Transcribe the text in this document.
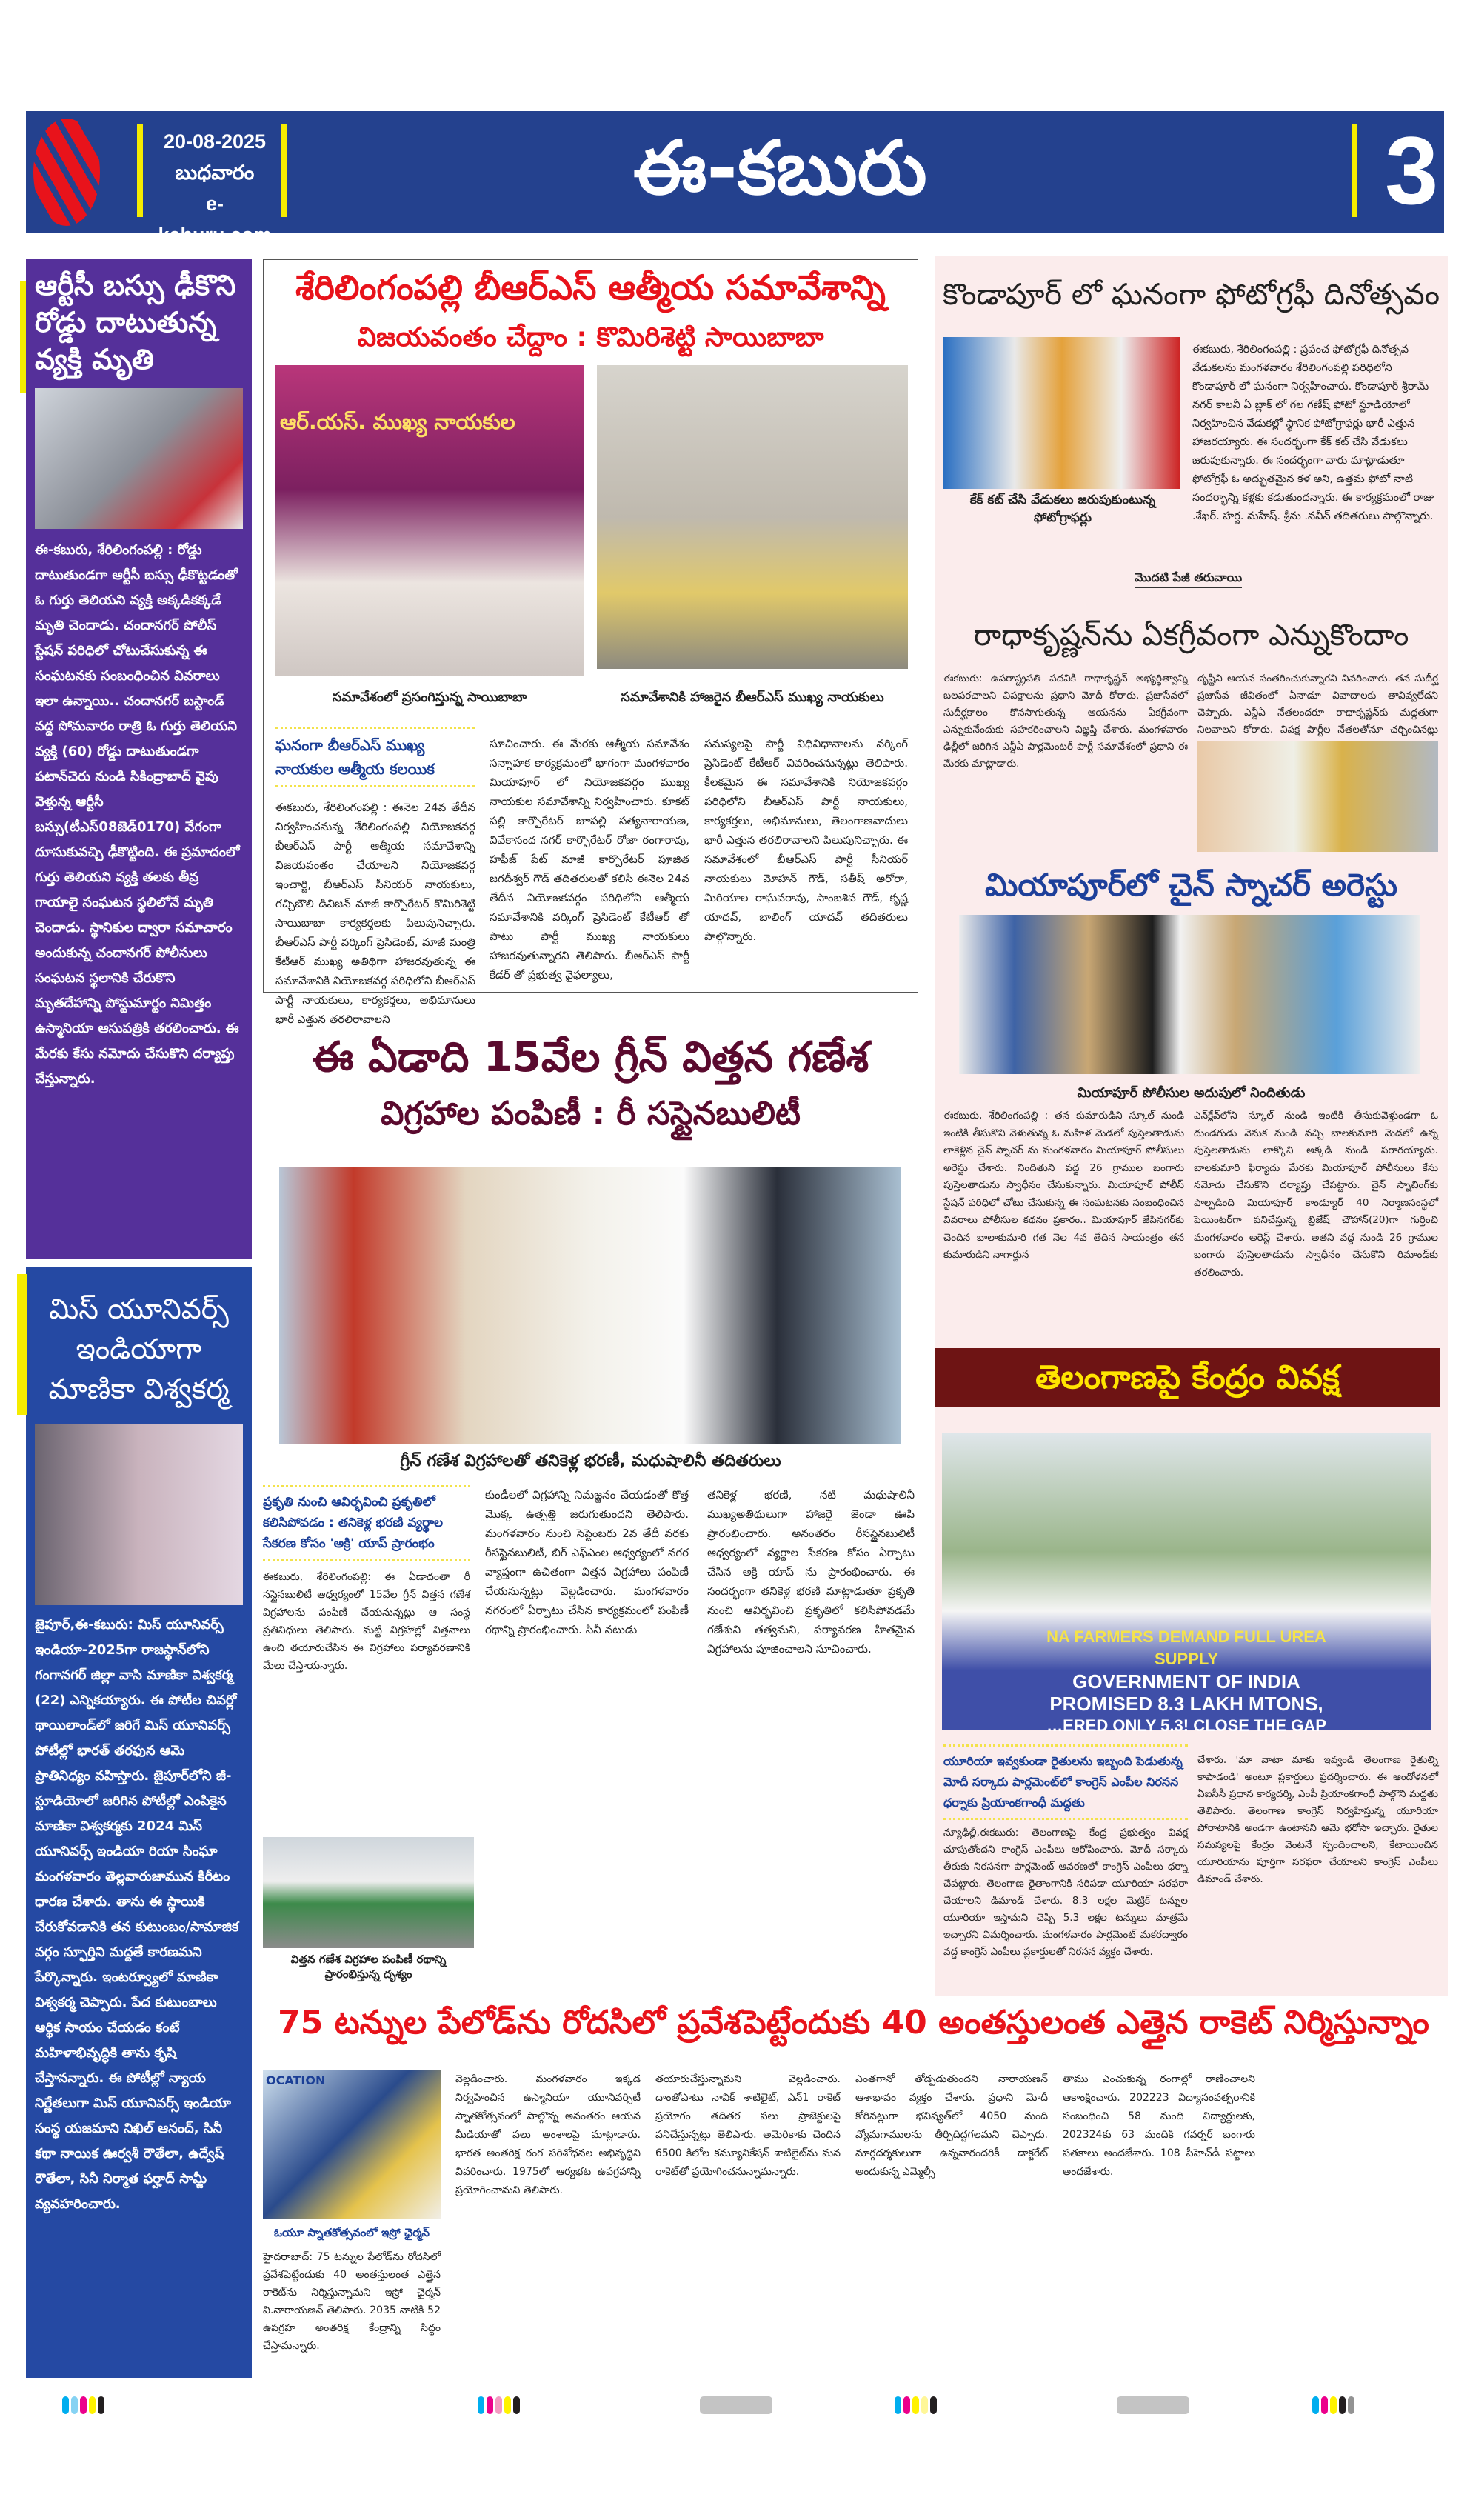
20-08-2025
బుధవారం
e-kaburu.com
ఈ-కబురు	3
ఆర్టీసీ బస్సు ఢీకొని రోడ్డు దాటుతున్న వ్యక్తి మృతి
ఈ-కబురు, శేరిలింగంపల్లి : రోడ్డు దాటుతుండగా ఆర్టీసీ బస్సు ఢీకొట్టడంతో ఓ గుర్తు తెలియని వ్యక్తి అక్కడికక్కడే మృతి చెందాడు. చందానగర్ పోలీస్ స్టేషన్ పరిధిలో చోటుచేసుకున్న ఈ సంఘటనకు సంబంధించిన వివరాలు ఇలా ఉన్నాయి.. చందానగర్ బస్టాండ్ వద్ద సోమవారం రాత్రి ఓ గుర్తు తెలియని వ్యక్తి (60) రోడ్డు దాటుతుండగా పటాన్‌చెరు నుండి సికింద్రాబాద్ వైపు వెళ్తున్న ఆర్టీసీ బస్సు(టీఎస్08జెడ్0170) వేగంగా దూసుకువచ్చి ఢీకొట్టింది. ఈ ప్రమాదంలో గుర్తు తెలియని వ్యక్తి తలకు తీవ్ర గాయాలై సంఘటన స్థలిలోనే మృతి చెందాడు. స్థానికుల ద్వారా సమాచారం అందుకున్న చందానగర్ పోలీసులు సంఘటన స్థలానికి చేరుకొని మృతదేహాన్ని పోస్టుమార్టం నిమిత్తం ఉస్మానియా ఆసుపత్రికి తరలించారు. ఈ మేరకు కేసు నమోదు చేసుకొని దర్యాప్తు చేస్తున్నారు.
మిస్ యూనివర్స్ ఇండియాగా మాణికా విశ్వకర్మ
జైపూర్,ఈ-కబురు: మిస్ యూనివర్స్ ఇండియా-2025గా రాజస్థాన్‌లోని గంగానగర్ జిల్లా వాసి మాణికా విశ్వకర్మ (22) ఎన్నికయ్యారు. ఈ పోటీల చివర్లో థాయిలాండ్‌లో జరిగే మిస్ యూనివర్స్ పోటీల్లో భారత్ తరఫున ఆమె ప్రాతినిధ్యం వహిస్తారు. జైపూర్‌లోని జీ-స్టూడియోలో జరిగిన పోటీల్లో ఎంపికైన మాణికా విశ్వకర్మకు 2024 మిస్ యూనివర్స్ ఇండియా రియా సింఘా మంగళవారం తెల్లవారుజామున కిరీటం ధారణ చేశారు. తాను ఈ స్థాయికి చేరుకోవడానికి తన కుటుంబం/సామాజిక వర్గం స్ఫూర్తిని మద్దతే కారణమని పేర్కొన్నారు. ఇంటర్వ్యూలో మాణికా విశ్వకర్మ చెప్పారు. పేద కుటుంబాలు ఆర్థిక సాయం చేయడం కంటే మహిళాభివృద్ధికి తాను కృషి చేస్తానన్నారు. ఈ పోటీల్లో న్యాయ నిర్ణేతలుగా మిస్ యూనివర్స్ ఇండియా సంస్థ యజమాని నిఖిల్ ఆనంద్, సినీ కథా నాయిక ఊర్వశీ రౌతేలా, ఉద్వేష్ రౌతేలా, సినీ నిర్మాత ఫర్హాద్ సామ్జీ వ్యవహరించారు.
శేరిలింగంపల్లి బీఆర్ఎస్ ఆత్మీయ సమావేశాన్ని
విజయవంతం చేద్దాం : కొమిరిశెట్టి సాయిబాబా
ఆర్.యస్. ముఖ్య నాయకుల
సమావేశంలో ప్రసంగిస్తున్న సాయిబాబా	సమావేశానికి హాజరైన బీఆర్ఎస్ ముఖ్య నాయకులు
ఘనంగా బీఆర్ఎస్ ముఖ్య నాయకుల ఆత్మీయ కలయిక
ఈకబురు, శేరిలింగంపల్లి : ఈనెల 24వ తేదీన నిర్వహించనున్న శేరిలింగంపల్లి నియోజకవర్గ బీఆర్ఎస్ పార్టీ ఆత్మీయ సమావేశాన్ని విజయవంతం చేయాలని నియోజకవర్గ ఇంచార్జి, బీఆర్ఎస్ సీనియర్ నాయకులు, గచ్చిబౌలి డివిజన్ మాజీ కార్పొరేటర్ కొమిరిశెట్టి సాయిబాబా కార్యకర్తలకు పిలుపునిచ్చారు. బీఆర్ఎస్ పార్టీ వర్కింగ్ ప్రెసిడెంట్, మాజీ మంత్రి కేటీఆర్ ముఖ్య అతిథిగా హాజరవుతున్న ఈ సమావేశానికి నియోజకవర్గ పరిధిలోని బీఆర్ఎస్ పార్టీ నాయకులు, కార్యకర్తలు, అభిమానులు భారీ ఎత్తున తరలిరావాలని
సూచించారు. ఈ మేరకు ఆత్మీయ సమావేశం సన్నాహక కార్యక్రమంలో భాగంగా మంగళవారం మియాపూర్ లో నియోజకవర్గం ముఖ్య నాయకుల సమావేశాన్ని నిర్వహించారు. కూకట్ పల్లి కార్పొరేటర్ జూపల్లి సత్యనారాయణ, వివేకానంద నగర్ కార్పొరేటర్ రోజా రంగారావు, హఫీజ్ పేట్ మాజీ కార్పొరేటర్ పూజిత జగదీశ్వర్ గౌడ్ తదితరులతో కలిసి ఈనెల 24వ తేదీన నియోజకవర్గం పరిధిలోని ఆత్మీయ సమావేశానికి వర్కింగ్ ప్రెసిడెంట్ కేటీఆర్ తో పాటు పార్టీ ముఖ్య నాయకులు హాజరవుతున్నారని తెలిపారు. బీఆర్ఎస్ పార్టీ కేడర్ తో ప్రభుత్వ వైఫల్యాలు,
సమస్యలపై పార్టీ విధివిధానాలను వర్కింగ్ ప్రెసిడెంట్ కేటీఆర్ వివరించనున్నట్లు తెలిపారు. కీలకమైన ఈ సమావేశానికి నియోజకవర్గం పరిధిలోని బీఆర్ఎస్ పార్టీ నాయకులు, కార్యకర్తలు, అభిమానులు, తెలంగాణవాదులు భారీ ఎత్తున తరలిరావాలని పిలుపునిచ్చారు. ఈ సమావేశంలో బీఆర్ఎస్ పార్టీ సీనియర్ నాయకులు మోహన్ గౌడ్, సతీష్ అరోరా, మిరియాల రాఘవరావు, సాంబశివ గౌడ్, కృష్ణ యాదవ్, బాలింగ్ యాదవ్ తదితరులు పాల్గొన్నారు.
ఈ ఏడాది 15వేల గ్రీన్ విత్తన గణేశ
విగ్రహాల పంపిణీ : రీ సస్టైనబులిటీ
గ్రీన్ గణేశ విగ్రహాలతో తనికెళ్ల భరణీ, మధుషాలినీ తదితరులు
ప్రకృతి నుంచి ఆవిర్భవించి ప్రకృతిలో కలిసిపోవడం : తనికెళ్ల భరణి వ్యర్థాల సేకరణ కోసం 'అక్రి' యాప్ ప్రారంభం
ఈకబురు, శేరిలింగంపల్లి: ఈ ఏడాదంతా రీ సస్టైనబులిటీ ఆధ్వర్యంలో 15వేల గ్రీన్ విత్తన గణేశ విగ్రహాలను పంపిణీ చేయనున్నట్లు ఆ సంస్థ ప్రతినిధులు తెలిపారు. మట్టి విగ్రహాల్లో విత్తనాలు ఉంచి తయారుచేసిన ఈ విగ్రహాలు పర్యావరణానికి మేలు చేస్తాయన్నారు.
కుండీలలో విగ్రహాన్ని నిమజ్జనం చేయడంతో కొత్త మొక్క ఉత్పత్తి జరుగుతుందని తెలిపారు. మంగళవారం నుంచి సెప్టెంబరు 2వ తేదీ వరకు రీసస్టైనబులిటీ, బిగ్ ఎఫ్ఎంల ఆధ్వర్యంలో నగర వ్యాప్తంగా ఉచితంగా విత్తన విగ్రహాలు పంపిణీ చేయనున్నట్లు వెల్లడించారు. మంగళవారం నగరంలో ఏర్పాటు చేసిన కార్యక్రమంలో పంపిణీ రథాన్ని ప్రారంభించారు. సినీ నటుడు
తనికెళ్ల భరణి, నటి మధుషాలినీ ముఖ్యఅతిథులుగా హాజరై జెండా ఊపి ప్రారంభించారు. అనంతరం రీసస్టైనబులిటీ ఆధ్వర్యంలో వ్యర్థాల సేకరణ కోసం ఏర్పాటు చేసిన అక్రి యాప్ ను ప్రారంభించారు. ఈ సందర్భంగా తనికెళ్ల భరణి మాట్లాడుతూ ప్రకృతి నుంచి ఆవిర్భవించి ప్రకృతిలో కలిసిపోవడమే గణేశుని తత్వమని, పర్యావరణ హితమైన విగ్రహాలను పూజించాలని సూచించారు.
విత్తన గణేశ విగ్రహాల పంపిణీ రథాన్ని ప్రారంభిస్తున్న దృశ్యం
75 టన్నుల పేలోడ్‌ను రోదసిలో ప్రవేశపెట్టేందుకు 40 అంతస్తులంత ఎత్తైన రాకెట్ నిర్మిస్తున్నాం
OCATION
ఓయూ స్నాతకోత్సవంలో ఇస్రో ఛైర్మన్
హైదరాబాద్: 75 టన్నుల పేలోడ్‌ను రోదసిలో ప్రవేశపెట్టేందుకు 40 అంతస్తులంత ఎత్తైన రాకెట్‌ను నిర్మిస్తున్నామని ఇస్రో ఛైర్మన్ వి.నారాయణన్ తెలిపారు. 2035 నాటికి 52 ఉపగ్రహ అంతరిక్ష కేంద్రాన్ని సిద్ధం చేస్తామన్నారు.
వెల్లడించారు. మంగళవారం ఇక్కడ నిర్వహించిన ఉస్మానియా యూనివర్సిటీ స్నాతకోత్సవంలో పాల్గొన్న అనంతరం ఆయన మీడియాతో పలు అంశాలపై మాట్లాడారు. భారత అంతరిక్ష రంగ పరిశోధనల అభివృద్ధిని వివరించారు. 1975లో ఆర్యభట ఉపగ్రహాన్ని ప్రయోగించామని తెలిపారు.
తయారుచేస్తున్నామని వెల్లడించారు. దాంతోపాటు నావిక్ శాటిలైట్, ఎన్1 రాకెట్ ప్రయోగం తదితర పలు ప్రాజెక్టులపై పనిచేస్తున్నట్లు తెలిపారు. అమెరికాకు చెందిన 6500 కిలోల కమ్యూనికేషన్ శాటిలైట్‌ను మన రాకెట్‌తో ప్రయోగించనున్నామన్నారు.
ఎంతగానో తోడ్పడుతుందని నారాయణన్ ఆశాభావం వ్యక్తం చేశారు. ప్రధాని మోదీ కోరినట్లుగా భవిష్యత్‌లో 4050 మంది వ్యోమగాములను తీర్చిదిద్దగలమని చెప్పారు. మార్గదర్శకులుగా ఉన్నవారందరికీ డాక్టరేట్ అందుకున్న ఎమ్మెల్సీ
తాము ఎంచుకున్న రంగాల్లో రాణించాలని ఆకాంక్షించారు. 202223 విద్యాసంవత్సరానికి సంబంధించి 58 మంది విద్యార్థులకు, 202324కు 63 మందికి గవర్నర్ బంగారు పతకాలు అందజేశారు. 108 పీహెచ్‌డీ పట్టాలు అందజేశారు.
కొండాపూర్ లో ఘనంగా ఫోటోగ్రఫీ దినోత్సవం
కేక్ కట్ చేసి వేడుకలు జరుపుకుంటున్న ఫోటోగ్రాఫర్లు
ఈకబురు, శేరిలింగంపల్లి : ప్రపంచ ఫోటోగ్రఫీ దినోత్సవ వేడుకలను మంగళవారం శేరిలింగంపల్లి పరిధిలోని కొండాపూర్ లో ఘనంగా నిర్వహించారు. కొండాపూర్ శ్రీరామ్ నగర్ కాలనీ ఏ బ్లాక్ లో గల గణేష్ ఫోటో స్టూడియోలో నిర్వహించిన వేడుకల్లో స్థానిక ఫోటోగ్రాఫర్లు భారీ ఎత్తున హాజరయ్యారు. ఈ సందర్భంగా కేక్ కట్ చేసి వేడుకలు జరుపుకున్నారు. ఈ సందర్భంగా వారు మాట్లాడుతూ ఫోటోగ్రఫీ ఓ అద్భుతమైన కళ అని, ఉత్తమ ఫోటో నాటి సందర్భాన్ని కళ్లకు కడుతుందన్నారు. ఈ కార్యక్రమంలో రాజు .శేఖర్. హర్ష. మహేష్. శ్రీను .నవీన్ తదితరులు పాల్గొన్నారు.
మొదటి పేజీ తరువాయి
రాధాకృష్ణన్‌ను ఏకగ్రీవంగా ఎన్నుకొందాం
ఈకబురు: ఉపరాష్ట్రపతి పదవికి రాధాకృష్ణన్ అభ్యర్థిత్వాన్ని బలపరచాలని విపక్షాలను ప్రధాని మోదీ కోరారు. ప్రజాసేవలో సుదీర్ఘకాలం కొనసాగుతున్న ఆయనను ఏకగ్రీవంగా ఎన్నుకునేందుకు సహకరించాలని విజ్ఞప్తి చేశారు. మంగళవారం ఢిల్లీలో జరిగిన ఎన్డీఏ పార్లమెంటరీ పార్టీ సమావేశంలో ప్రధాని ఈ మేరకు మాట్లాడారు.
దృష్టిని ఆయన సంతరించుకున్నారని వివరించారు. తన సుదీర్ఘ ప్రజాసేవ జీవితంలో ఏనాడూ వివాదాలకు తావివ్వలేదని చెప్పారు. ఎన్డీఏ నేతలందరూ రాధాకృష్ణన్‌కు మద్దతుగా నిలవాలని కోరారు. విపక్ష పార్టీల నేతలతోనూ చర్చించినట్లు
మియాపూర్‌లో చైన్ స్నాచర్ అరెస్టు
మియాపూర్ పోలీసుల అదుపులో నిందితుడు
ఈకబురు, శేరిలింగంపల్లి : తన కుమారుడిని స్కూల్ నుండి ఇంటికి తీసుకొని వెళుతున్న ఓ మహిళ మెడలో పుస్తెలతాడును లాకెళ్లిన చైన్ స్నాచర్ ను మంగళవారం మియాపూర్ పోలీసులు అరెస్టు చేశారు. నిందితుని వద్ద 26 గ్రాముల బంగారు పుస్తెలతాడును స్వాధీనం చేసుకున్నారు. మియాపూర్ పోలీస్ స్టేషన్ పరిధిలో చోటు చేసుకున్న ఈ సంఘటనకు సంబంధించిన వివరాలు పోలీసుల కథనం ప్రకారం.. మియాపూర్ జేపినగర్‌కు చెందిన బాలాకుమారి గత నెల 4వ తేదిన సాయంత్రం తన కుమారుడిని నాగార్జున
ఎన్‌క్లేవ్‌లోని స్కూల్ నుండి ఇంటికి తీసుకువెళ్తుండగా ఓ దుండగుడు వెనుక నుండి వచ్చి బాలకుమారి మెడలో ఉన్న పుస్తెలతాడును లాక్కొని అక్కడి నుండి పరారయ్యాడు. బాలకుమారి ఫిర్యాదు మేరకు మియాపూర్ పోలీసులు కేసు నమోదు చేసుకొని దర్యాప్తు చేపట్టారు. చైన్ స్నాచింగ్‌కు పాల్పడింది మియాపూర్ కాండ్యూర్ 40 నిర్మాణసంస్థలో పెయింటర్‌గా పనిచేస్తున్న బ్రిజేష్ చౌహాన్(20)గా గుర్తించి మంగళవారం అరెస్ట్ చేశారు. అతని వద్ద నుండి 26 గ్రాముల బంగారు పుస్తెలతాడును స్వాధీనం చేసుకొని రిమాండ్‌కు తరలించారు.
తెలంగాణపై కేంద్రం వివక్ష
NA FARMERS DEMAND FULL UREA SUPPLY
GOVERNMENT OF INDIA
PROMISED 8.3 LAKH MTONS,
…ERED ONLY 5.3! CLOSE THE GAP
యూరియా ఇవ్వకుండా రైతులను ఇబ్బంది పెడుతున్న మోదీ సర్కారు పార్లమెంట్‌లో కాంగ్రెస్ ఎంపీల నిరసన ధర్నాకు ప్రియాంకగాంధీ మద్దతు
న్యూఢిల్లీ,ఈకబురు: తెలంగాణపై కేంద్ర ప్రభుత్వం వివక్ష చూపుతోందని కాంగ్రెస్ ఎంపీలు ఆరోపించారు. మోదీ సర్కారు తీరుకు నిరసనగా పార్లమెంట్ ఆవరణలో కాంగ్రెస్ ఎంపీలు ధర్నా చేపట్టారు. తెలంగాణ రైతాంగానికి సరిపడా యూరియా సరఫరా చేయాలని డిమాండ్ చేశారు. 8.3 లక్షల మెట్రిక్ టన్నుల యూరియా ఇస్తామని చెప్పి 5.3 లక్షల టన్నులు మాత్రమే ఇచ్చారని విమర్శించారు. మంగళవారం పార్లమెంట్ మకరద్వారం వద్ద కాంగ్రెస్ ఎంపీలు ప్లకార్డులతో నిరసన వ్యక్తం చేశారు.
చేశారు. 'మా వాటా మాకు ఇవ్వండి తెలంగాణ రైతుల్ని కాపాడండి' అంటూ ప్లకార్డులు ప్రదర్శించారు. ఈ ఆందోళనలో ఏఐసీసీ ప్రధాన కార్యదర్శి, ఎంపీ ప్రియాంకగాంధీ పాల్గొని మద్దతు తెలిపారు. తెలంగాణ కాంగ్రెస్ నిర్వహిస్తున్న యూరియా పోరాటానికి అండగా ఉంటానని ఆమె భరోసా ఇచ్చారు. రైతుల సమస్యలపై కేంద్రం వెంటనే స్పందించాలని, కేటాయించిన యూరియాను పూర్తిగా సరఫరా చేయాలని కాంగ్రెస్ ఎంపీలు డిమాండ్ చేశారు.
